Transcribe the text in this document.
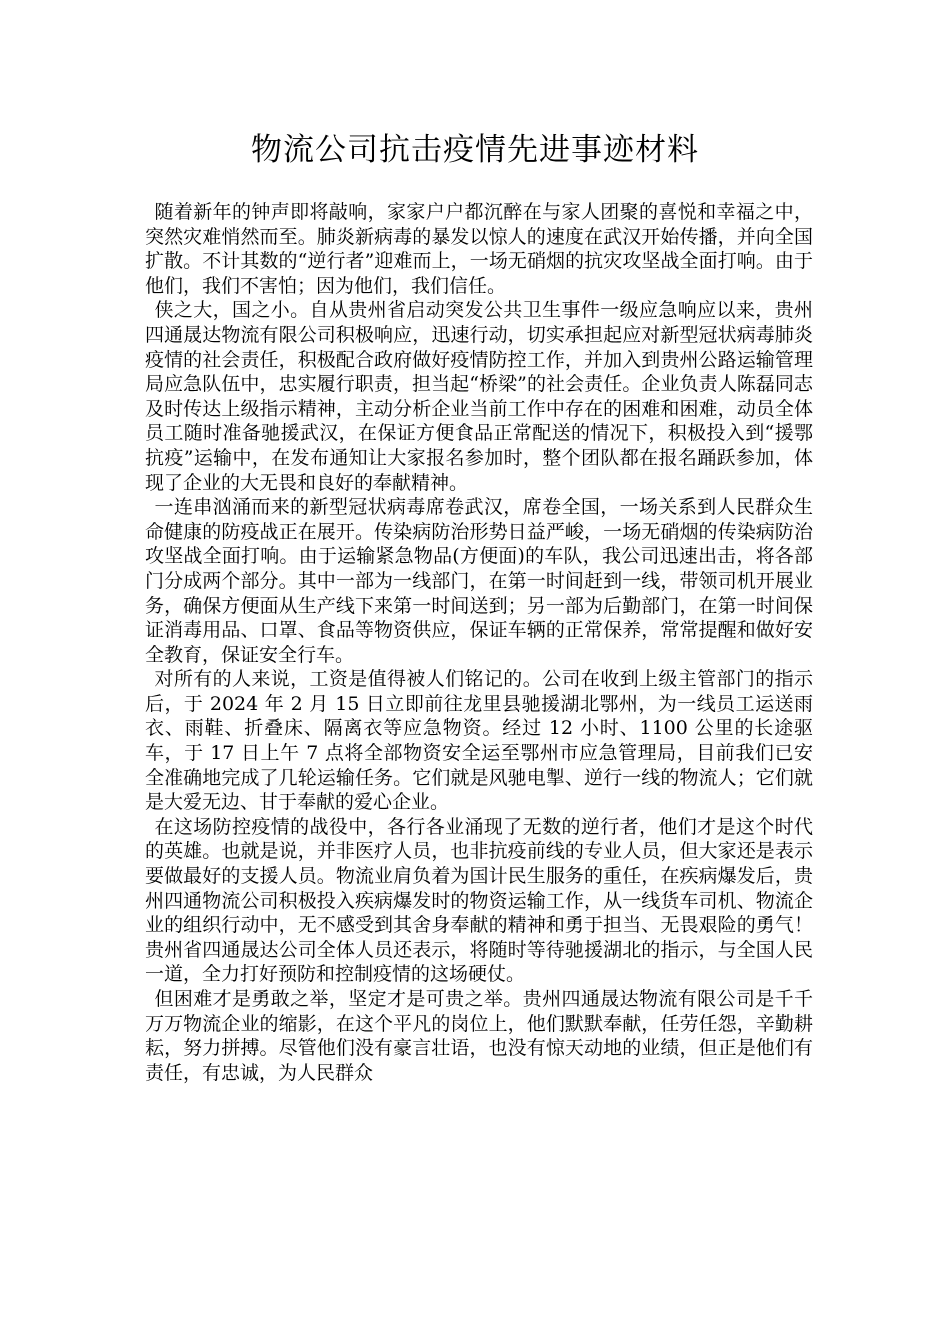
物流公司抗击疫情先进事迹材料

随着新年的钟声即将敲响，家家户户都沉醉在与家人团聚的喜悦和幸福之中，突然灾难悄然而至。肺炎新病毒的暴发以惊人的速度在武汉开始传播，并向全国扩散。不计其数的“逆行者”迎难而上，一场无硝烟的抗灾攻坚战全面打响。由于他们，我们不害怕；因为他们，我们信任。

侠之大，国之小。自从贵州省启动突发公共卫生事件一级应急响应以来，贵州四通晟达物流有限公司积极响应，迅速行动，切实承担起应对新型冠状病毒肺炎疫情的社会责任，积极配合政府做好疫情防控工作，并加入到贵州公路运输管理局应急队伍中，忠实履行职责，担当起“桥梁”的社会责任。企业负责人陈磊同志及时传达上级指示精神，主动分析企业当前工作中存在的困难和困难，动员全体员工随时准备驰援武汉，在保证方便食品正常配送的情况下，积极投入到“援鄂抗疫”运输中，在发布通知让大家报名参加时，整个团队都在报名踊跃参加，体现了企业的大无畏和良好的奉献精神。

一连串汹涌而来的新型冠状病毒席卷武汉，席卷全国，一场关系到人民群众生命健康的防疫战正在展开。传染病防治形势日益严峻，一场无硝烟的传染病防治攻坚战全面打响。由于运输紧急物品(方便面)的车队，我公司迅速出击，将各部门分成两个部分。其中一部为一线部门，在第一时间赶到一线，带领司机开展业务，确保方便面从生产线下来第一时间送到；另一部为后勤部门，在第一时间保证消毒用品、口罩、食品等物资供应，保证车辆的正常保养，常常提醒和做好安全教育，保证安全行车。

对所有的人来说，工资是值得被人们铭记的。公司在收到上级主管部门的指示后，于 2024 年 2 月 15 日立即前往龙里县驰援湖北鄂州，为一线员工运送雨衣、雨鞋、折叠床、隔离衣等应急物资。经过 12 小时、1100 公里的长途驱车，于 17 日上午 7 点将全部物资安全运至鄂州市应急管理局，目前我们已安全准确地完成了几轮运输任务。它们就是风驰电掣、逆行一线的物流人；它们就是大爱无边、甘于奉献的爱心企业。

在这场防控疫情的战役中，各行各业涌现了无数的逆行者，他们才是这个时代的英雄。也就是说，并非医疗人员，也非抗疫前线的专业人员，但大家还是表示要做最好的支援人员。物流业肩负着为国计民生服务的重任，在疾病爆发后，贵州四通物流公司积极投入疾病爆发时的物资运输工作，从一线货车司机、物流企业的组织行动中，无不感受到其舍身奉献的精神和勇于担当、无畏艰险的勇气！贵州省四通晟达公司全体人员还表示，将随时等待驰援湖北的指示，与全国人民一道，全力打好预防和控制疫情的这场硬仗。

但困难才是勇敢之举，坚定才是可贵之举。贵州四通晟达物流有限公司是千千万万物流企业的缩影，在这个平凡的岗位上，他们默默奉献，任劳任怨，辛勤耕耘，努力拼搏。尽管他们没有豪言壮语，也没有惊天动地的业绩，但正是他们有责任，有忠诚，为人民群众
